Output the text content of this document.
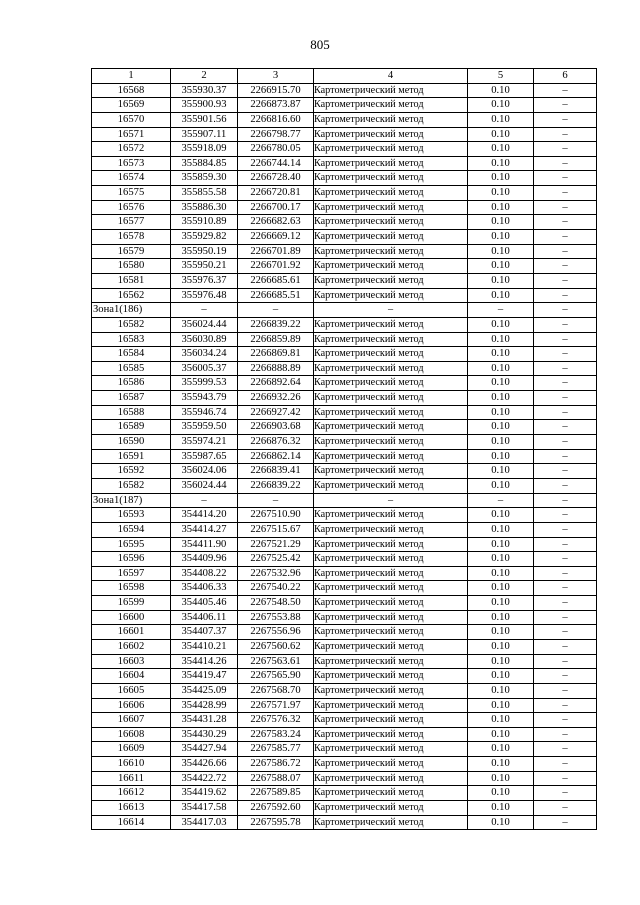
805
1	2	3	4	5	6
16568	355930.37	2266915.70	Картометрический метод	0.10	–
16569	355900.93	2266873.87	Картометрический метод	0.10	–
16570	355901.56	2266816.60	Картометрический метод	0.10	–
16571	355907.11	2266798.77	Картометрический метод	0.10	–
16572	355918.09	2266780.05	Картометрический метод	0.10	–
16573	355884.85	2266744.14	Картометрический метод	0.10	–
16574	355859.30	2266728.40	Картометрический метод	0.10	–
16575	355855.58	2266720.81	Картометрический метод	0.10	–
16576	355886.30	2266700.17	Картометрический метод	0.10	–
16577	355910.89	2266682.63	Картометрический метод	0.10	–
16578	355929.82	2266669.12	Картометрический метод	0.10	–
16579	355950.19	2266701.89	Картометрический метод	0.10	–
16580	355950.21	2266701.92	Картометрический метод	0.10	–
16581	355976.37	2266685.61	Картометрический метод	0.10	–
16562	355976.48	2266685.51	Картометрический метод	0.10	–
Зона1(186)	–	–	–	–	–
16582	356024.44	2266839.22	Картометрический метод	0.10	–
16583	356030.89	2266859.89	Картометрический метод	0.10	–
16584	356034.24	2266869.81	Картометрический метод	0.10	–
16585	356005.37	2266888.89	Картометрический метод	0.10	–
16586	355999.53	2266892.64	Картометрический метод	0.10	–
16587	355943.79	2266932.26	Картометрический метод	0.10	–
16588	355946.74	2266927.42	Картометрический метод	0.10	–
16589	355959.50	2266903.68	Картометрический метод	0.10	–
16590	355974.21	2266876.32	Картометрический метод	0.10	–
16591	355987.65	2266862.14	Картометрический метод	0.10	–
16592	356024.06	2266839.41	Картометрический метод	0.10	–
16582	356024.44	2266839.22	Картометрический метод	0.10	–
Зона1(187)	–	–	–	–	–
16593	354414.20	2267510.90	Картометрический метод	0.10	–
16594	354414.27	2267515.67	Картометрический метод	0.10	–
16595	354411.90	2267521.29	Картометрический метод	0.10	–
16596	354409.96	2267525.42	Картометрический метод	0.10	–
16597	354408.22	2267532.96	Картометрический метод	0.10	–
16598	354406.33	2267540.22	Картометрический метод	0.10	–
16599	354405.46	2267548.50	Картометрический метод	0.10	–
16600	354406.11	2267553.88	Картометрический метод	0.10	–
16601	354407.37	2267556.96	Картометрический метод	0.10	–
16602	354410.21	2267560.62	Картометрический метод	0.10	–
16603	354414.26	2267563.61	Картометрический метод	0.10	–
16604	354419.47	2267565.90	Картометрический метод	0.10	–
16605	354425.09	2267568.70	Картометрический метод	0.10	–
16606	354428.99	2267571.97	Картометрический метод	0.10	–
16607	354431.28	2267576.32	Картометрический метод	0.10	–
16608	354430.29	2267583.24	Картометрический метод	0.10	–
16609	354427.94	2267585.77	Картометрический метод	0.10	–
16610	354426.66	2267586.72	Картометрический метод	0.10	–
16611	354422.72	2267588.07	Картометрический метод	0.10	–
16612	354419.62	2267589.85	Картометрический метод	0.10	–
16613	354417.58	2267592.60	Картометрический метод	0.10	–
16614	354417.03	2267595.78	Картометрический метод	0.10	–
